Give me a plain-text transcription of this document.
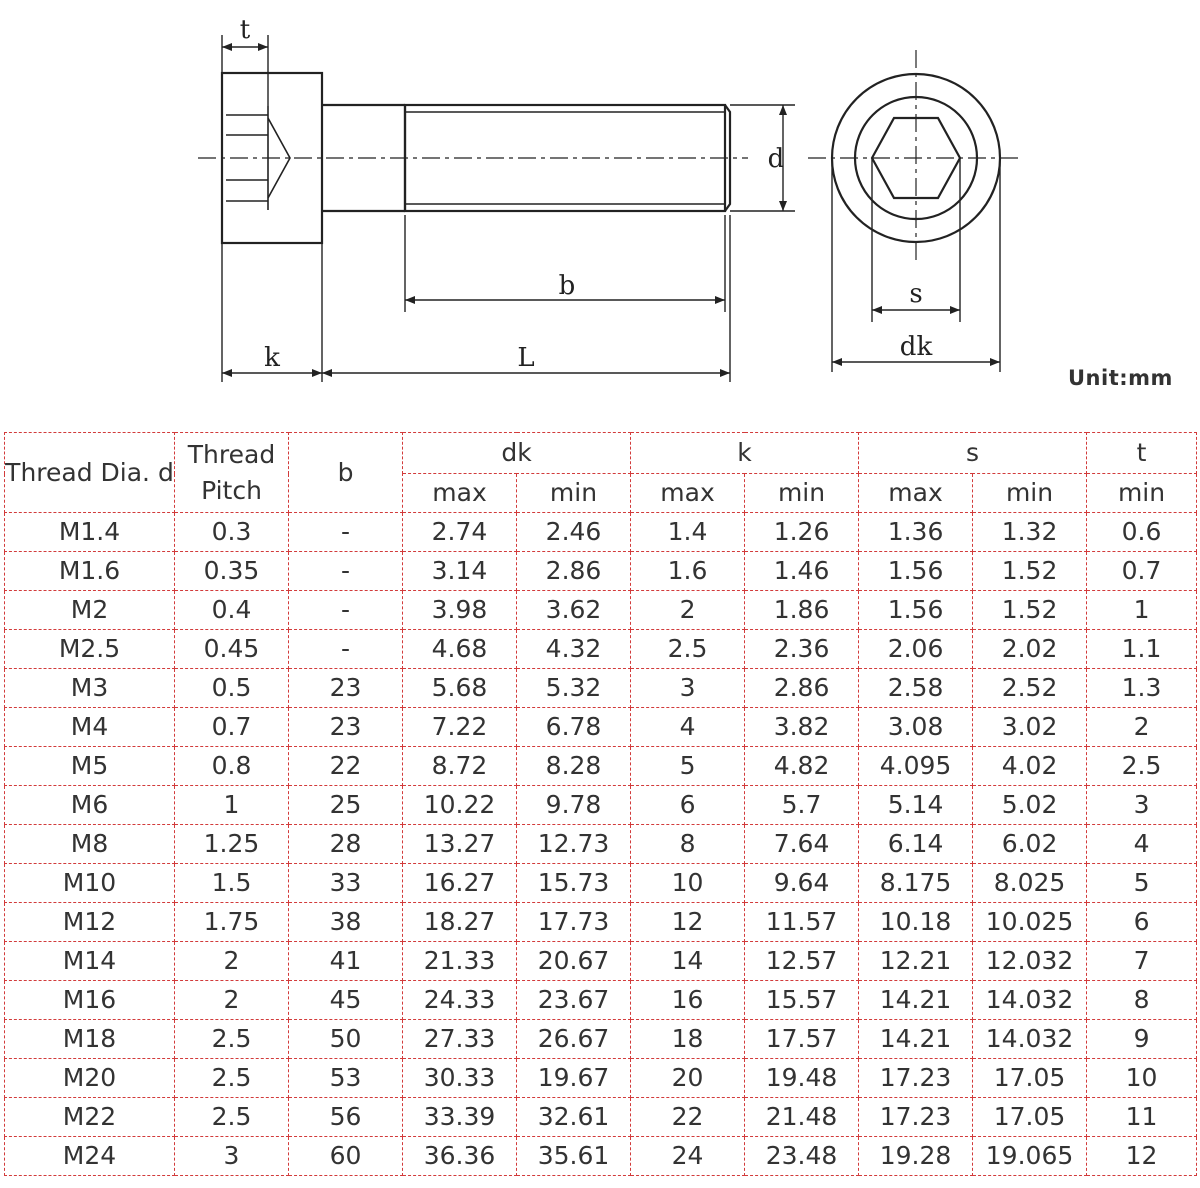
t
d
b
k	L
s
dk
Unit:mm
Thread Dia. d	Thread Pitch	b	dk		k		s		t
			max	min	max	min	max	min	min
M1.4	0.3	-	2.74	2.46	1.4	1.26	1.36	1.32	0.6
M1.6	0.35	-	3.14	2.86	1.6	1.46	1.56	1.52	0.7
M2	0.4	-	3.98	3.62	2	1.86	1.56	1.52	1
M2.5	0.45	-	4.68	4.32	2.5	2.36	2.06	2.02	1.1
M3	0.5	23	5.68	5.32	3	2.86	2.58	2.52	1.3
M4	0.7	23	7.22	6.78	4	3.82	3.08	3.02	2
M5	0.8	22	8.72	8.28	5	4.82	4.095	4.02	2.5
M6	1	25	10.22	9.78	6	5.7	5.14	5.02	3
M8	1.25	28	13.27	12.73	8	7.64	6.14	6.02	4
M10	1.5	33	16.27	15.73	10	9.64	8.175	8.025	5
M12	1.75	38	18.27	17.73	12	11.57	10.18	10.025	6
M14	2	41	21.33	20.67	14	12.57	12.21	12.032	7
M16	2	45	24.33	23.67	16	15.57	14.21	14.032	8
M18	2.5	50	27.33	26.67	18	17.57	14.21	14.032	9
M20	2.5	53	30.33	19.67	20	19.48	17.23	17.05	10
M22	2.5	56	33.39	32.61	22	21.48	17.23	17.05	11
M24	3	60	36.36	35.61	24	23.48	19.28	19.065	12
